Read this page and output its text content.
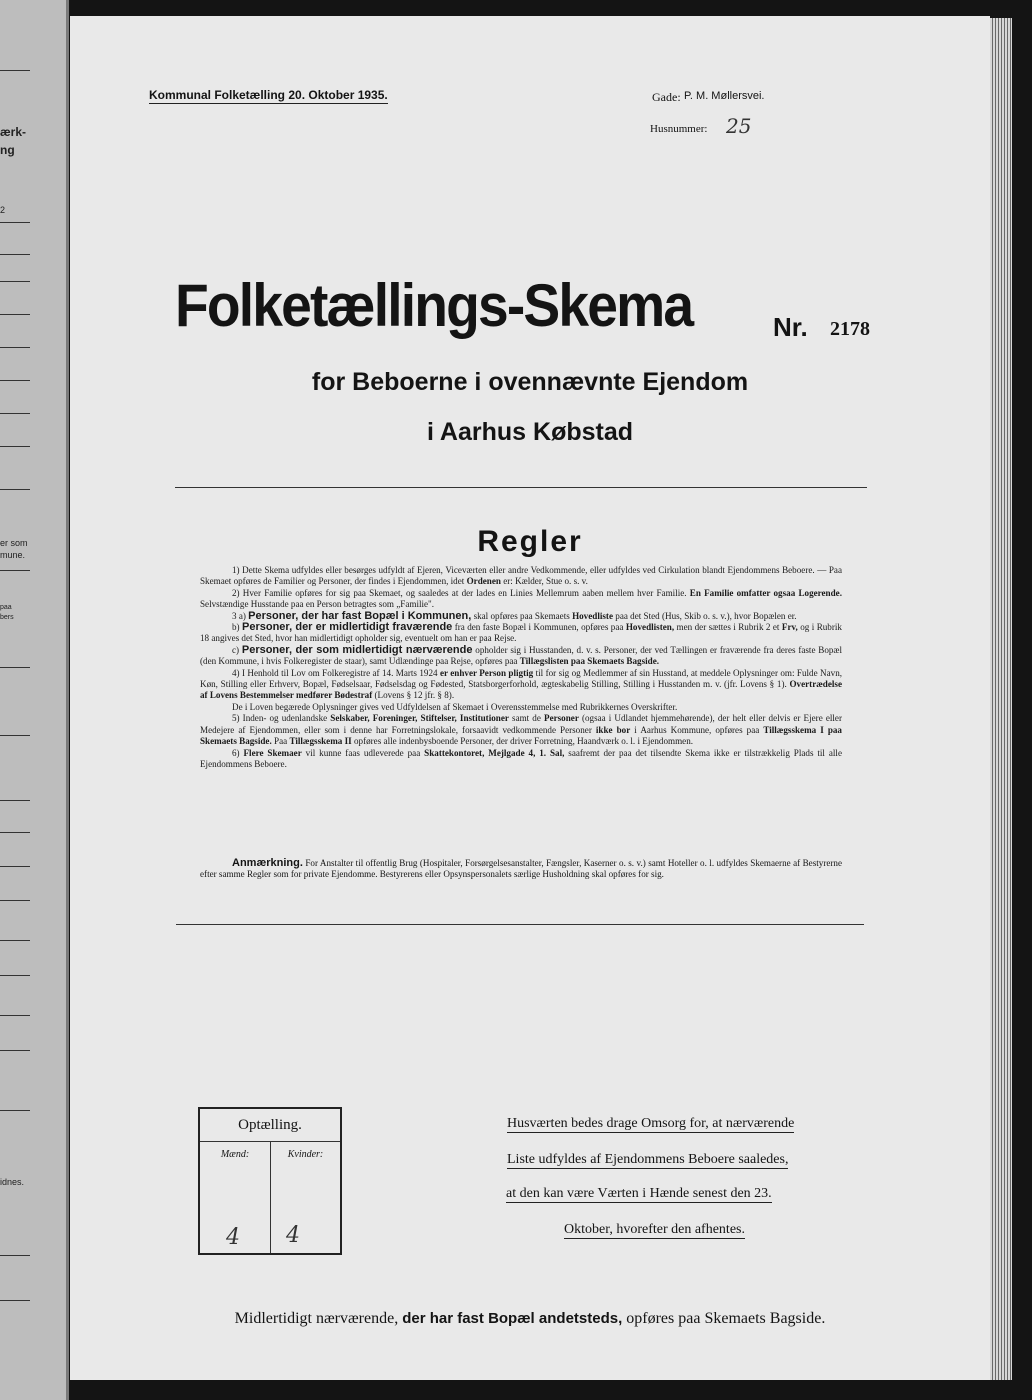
ærk-
ng
2
er som
mune.
paa
bers
idnes.
Kommunal Folketælling 20. Oktober 1935.	Gade: P. M. Møllersvei.
Husnummer: 25
Folketællings-Skema	Nr. 2178
for Beboerne i ovennævnte Ejendom
i Aarhus Købstad
Regler

1) Dette Skema udfyldes eller besørges udfyldt af Ejeren, Viceværten eller andre Vedkommende, eller udfyldes ved Cirkulation blandt Ejendommens Beboere. — Paa Skemaet opføres de Familier og Personer, der findes i Ejendommen, idet Ordenen er: Kælder, Stue o. s. v.

2) Hver Familie opføres for sig paa Skemaet, og saaledes at der lades en Linies Mellemrum aaben mellem hver Familie. En Familie omfatter ogsaa Logerende. Selvstændige Husstande paa en Person betragtes som „Familie".

3 a) Personer, der har fast Bopæl i Kommunen, skal opføres paa Skemaets Hovedliste paa det Sted (Hus, Skib o. s. v.), hvor Bopælen er.

b) Personer, der er midlertidigt fraværende fra den faste Bopæl i Kommunen, opføres paa Hovedlisten, men der sættes i Rubrik 2 et Frv, og i Rubrik 18 angives det Sted, hvor han midlertidigt opholder sig, eventuelt om han er paa Rejse.

c) Personer, der som midlertidigt nærværende opholder sig i Husstanden, d. v. s. Personer, der ved Tællingen er fraværende fra deres faste Bopæl (den Kommune, i hvis Folkeregister de staar), samt Udlændinge paa Rejse, opføres paa Tillægslisten paa Skemaets Bagside.

4) I Henhold til Lov om Folkeregistre af 14. Marts 1924 er enhver Person pligtig til for sig og Medlemmer af sin Husstand, at meddele Oplysninger om: Fulde Navn, Køn, Stilling eller Erhverv, Bopæl, Fødselsaar, Fødselsdag og Fødested, Statsborgerforhold, ægteskabelig Stilling, Stilling i Husstanden m. v. (jfr. Lovens § 1). Overtrædelse af Lovens Bestemmelser medfører Bødestraf (Lovens § 12 jfr. § 8).

De i Loven begærede Oplysninger gives ved Udfyldelsen af Skemaet i Overensstemmelse med Rubrikkernes Overskrifter.

5) Inden- og udenlandske Selskaber, Foreninger, Stiftelser, Institutioner samt de Personer (ogsaa i Udlandet hjemmehørende), der helt eller delvis er Ejere eller Medejere af Ejendommen, eller som i denne har Forretningslokale, forsaavidt vedkommende Personer ikke bor i Aarhus Kommune, opføres paa Tillægsskema I paa Skemaets Bagside. Paa Tillægsskema II opføres alle indenbysboende Personer, der driver Forretning, Haandværk o. l. i Ejendommen.

6) Flere Skemaer vil kunne faas udleverede paa Skattekontoret, Mejlgade 4, 1. Sal, saafremt der paa det tilsendte Skema ikke er tilstrækkelig Plads til alle Ejendommens Beboere.

Anmærkning. For Anstalter til offentlig Brug (Hospitaler, Forsørgelsesanstalter, Fængsler, Kaserner o. s. v.) samt Hoteller o. l. udfyldes Skemaerne af Bestyrerne efter samme Regler som for private Ejendomme. Bestyrerens eller Opsynspersonalets særlige Husholdning skal opføres for sig.

Optælling.
Mænd:	Kvinder:
4 4
Husværten bedes drage Omsorg for, at nærværende
Liste udfyldes af Ejendommens Beboere saaledes,
at den kan være Værten i Hænde senest den 23.
Oktober, hvorefter den afhentes.
Midlertidigt nærværende, der har fast Bopæl andetsteds, opføres paa Skemaets Bagside.
